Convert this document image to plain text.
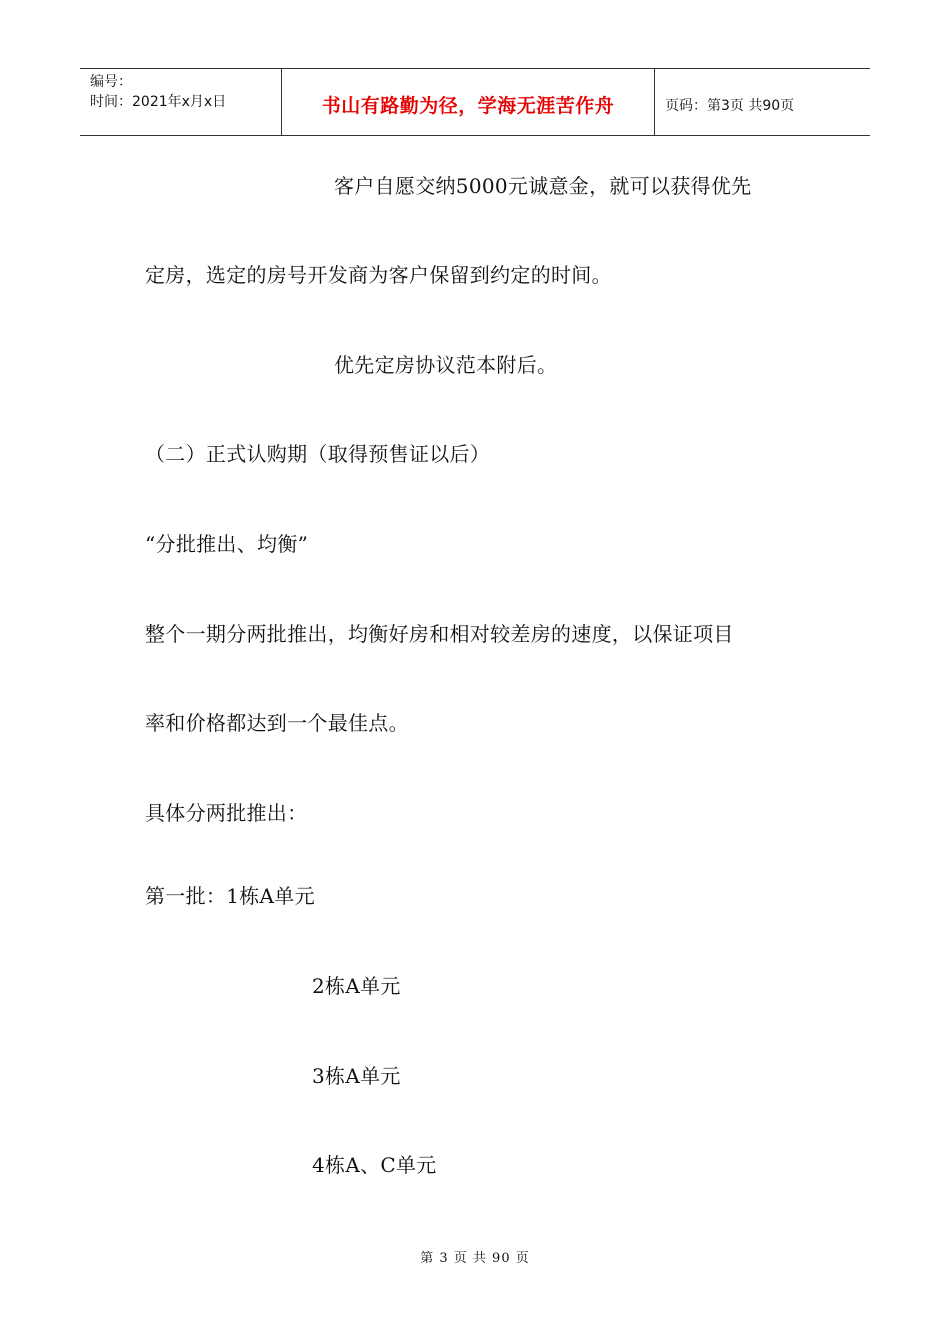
编号：
时间：2021年x月x日	书山有路勤为径，学海无涯苦作舟	页码：第3页 共90页
客户自愿交纳5000元诚意金，就可以获得优先
定房，选定的房号开发商为客户保留到约定的时间。
优先定房协议范本附后。
（二）正式认购期（取得预售证以后）
“分批推出、均衡”
整个一期分两批推出，均衡好房和相对较差房的速度，以保证项目
率和价格都达到一个最佳点。
具体分两批推出：
第一批：1栋A单元
2栋A单元
3栋A单元
4栋A、C单元
第 3 页 共 90 页
